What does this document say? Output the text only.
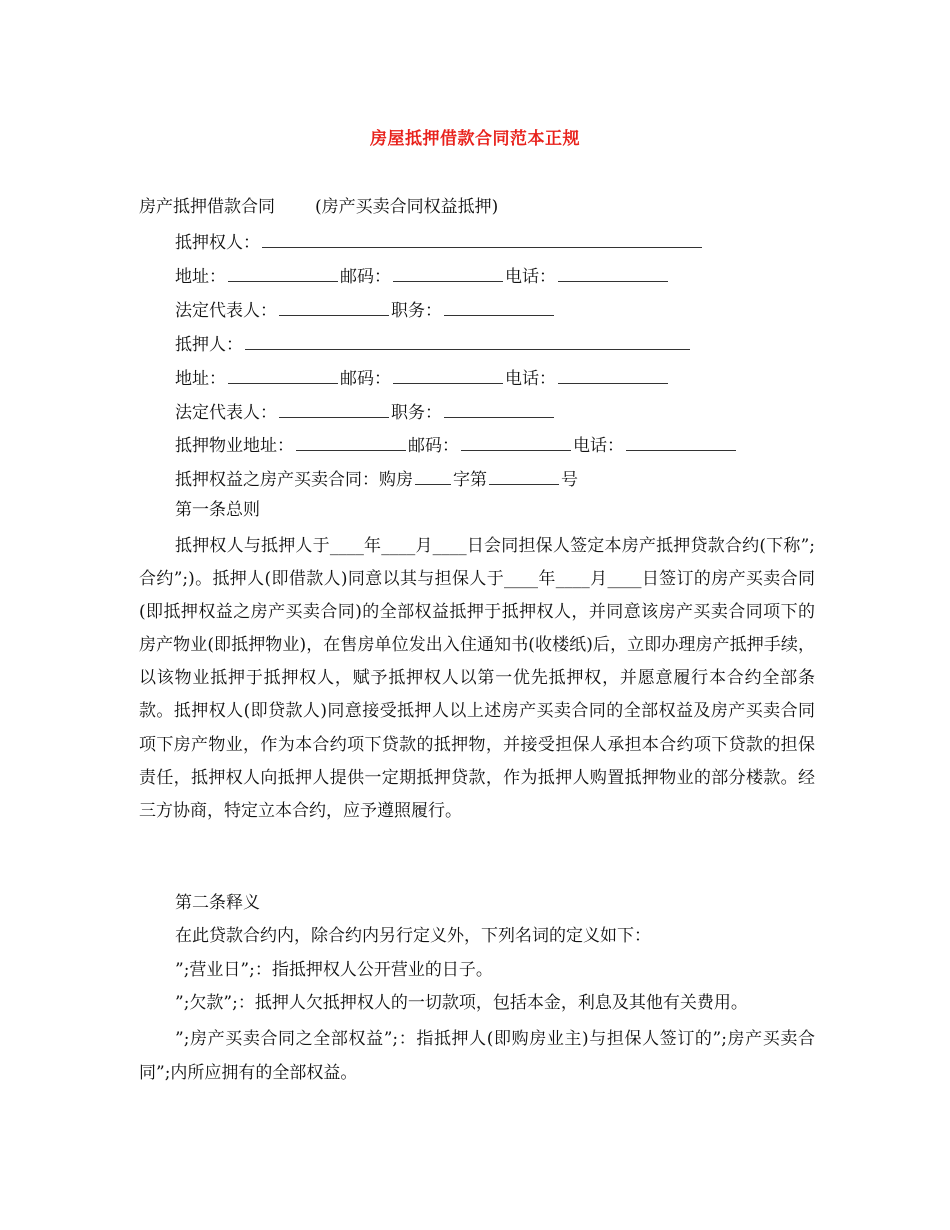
房屋抵押借款合同范本正规
房产抵押借款合同 (房产买卖合同权益抵押)
抵押权人：
地址：	邮码：	电话：
法定代表人：	职务：
抵押人：
地址：	邮码：	电话：
法定代表人：	职务：
抵押物业地址：	邮码：	电话：
抵押权益之房产买卖合同：购房 字第	号
第一条总则
抵押权人与抵押人于____年____月____日会同担保人签定本房产抵押贷款合约(下称”;合约”;)。抵押人(即借款人)同意以其与担保人于____年____月____日签订的房产买卖合同(即抵押权益之房产买卖合同)的全部权益抵押于抵押权人，并同意该房产买卖合同项下的房产物业(即抵押物业)，在售房单位发出入住通知书(收楼纸)后，立即办理房产抵押手续，以该物业抵押于抵押权人，赋予抵押权人以第一优先抵押权，并愿意履行本合约全部条款。抵押权人(即贷款人)同意接受抵押人以上述房产买卖合同的全部权益及房产买卖合同项下房产物业，作为本合约项下贷款的抵押物，并接受担保人承担本合约项下贷款的担保责任，抵押权人向抵押人提供一定期抵押贷款，作为抵押人购置抵押物业的部分楼款。经三方协商，特定立本合约，应予遵照履行。
第二条释义
在此贷款合约内，除合约内另行定义外，下列名词的定义如下：
”;营业日”;：指抵押权人公开营业的日子。
”;欠款”;：抵押人欠抵押权人的一切款项，包括本金，利息及其他有关费用。
”;房产买卖合同之全部权益”;：指抵押人(即购房业主)与担保人签订的”;房产买卖合同”;内所应拥有的全部权益。
